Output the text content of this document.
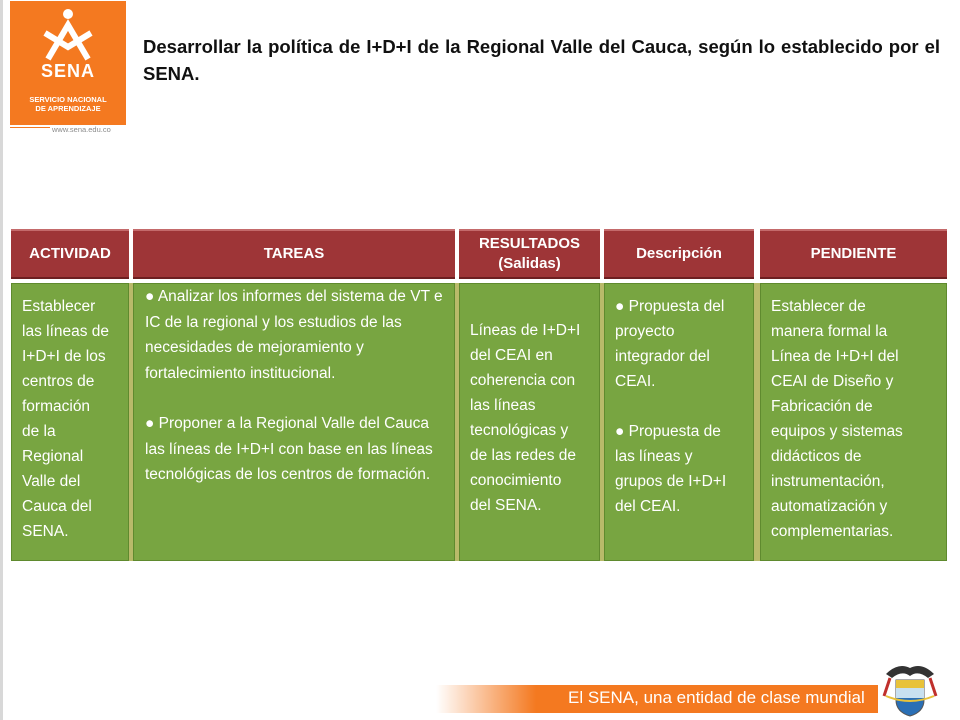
SENA
SERVICIO NACIONAL
DE APRENDIZAJE
www.sena.edu.co
Desarrollar la política de I+D+I de la Regional Valle del Cauca, según lo establecido por el SENA.
ACTIVIDAD	TAREAS
RESULTADOS
(Salidas)
Descripción	PENDIENTE
Establecer
las líneas de
I+D+I de los
centros de
formación
de la
Regional
Valle del
Cauca del
SENA.
● Analizar los informes del sistema de VT e IC de la regional y los estudios de las necesidades de mejoramiento y fortalecimiento institucional.
● Proponer a la Regional Valle del Cauca las líneas de I+D+I con base en las líneas tecnológicas de los centros de formación.
Líneas de I+D+I
del CEAI en
coherencia con
las líneas
tecnológicas y
de las redes de
conocimiento
del SENA.
● Propuesta del
proyecto
integrador del
CEAI.
● Propuesta de
las líneas y
grupos de I+D+I
del CEAI.
Establecer de
manera formal la
Línea de I+D+I del
CEAI de Diseño y
Fabricación de
equipos y sistemas
didácticos de
instrumentación,
automatización y
complementarias.
El SENA, una entidad de clase mundial
